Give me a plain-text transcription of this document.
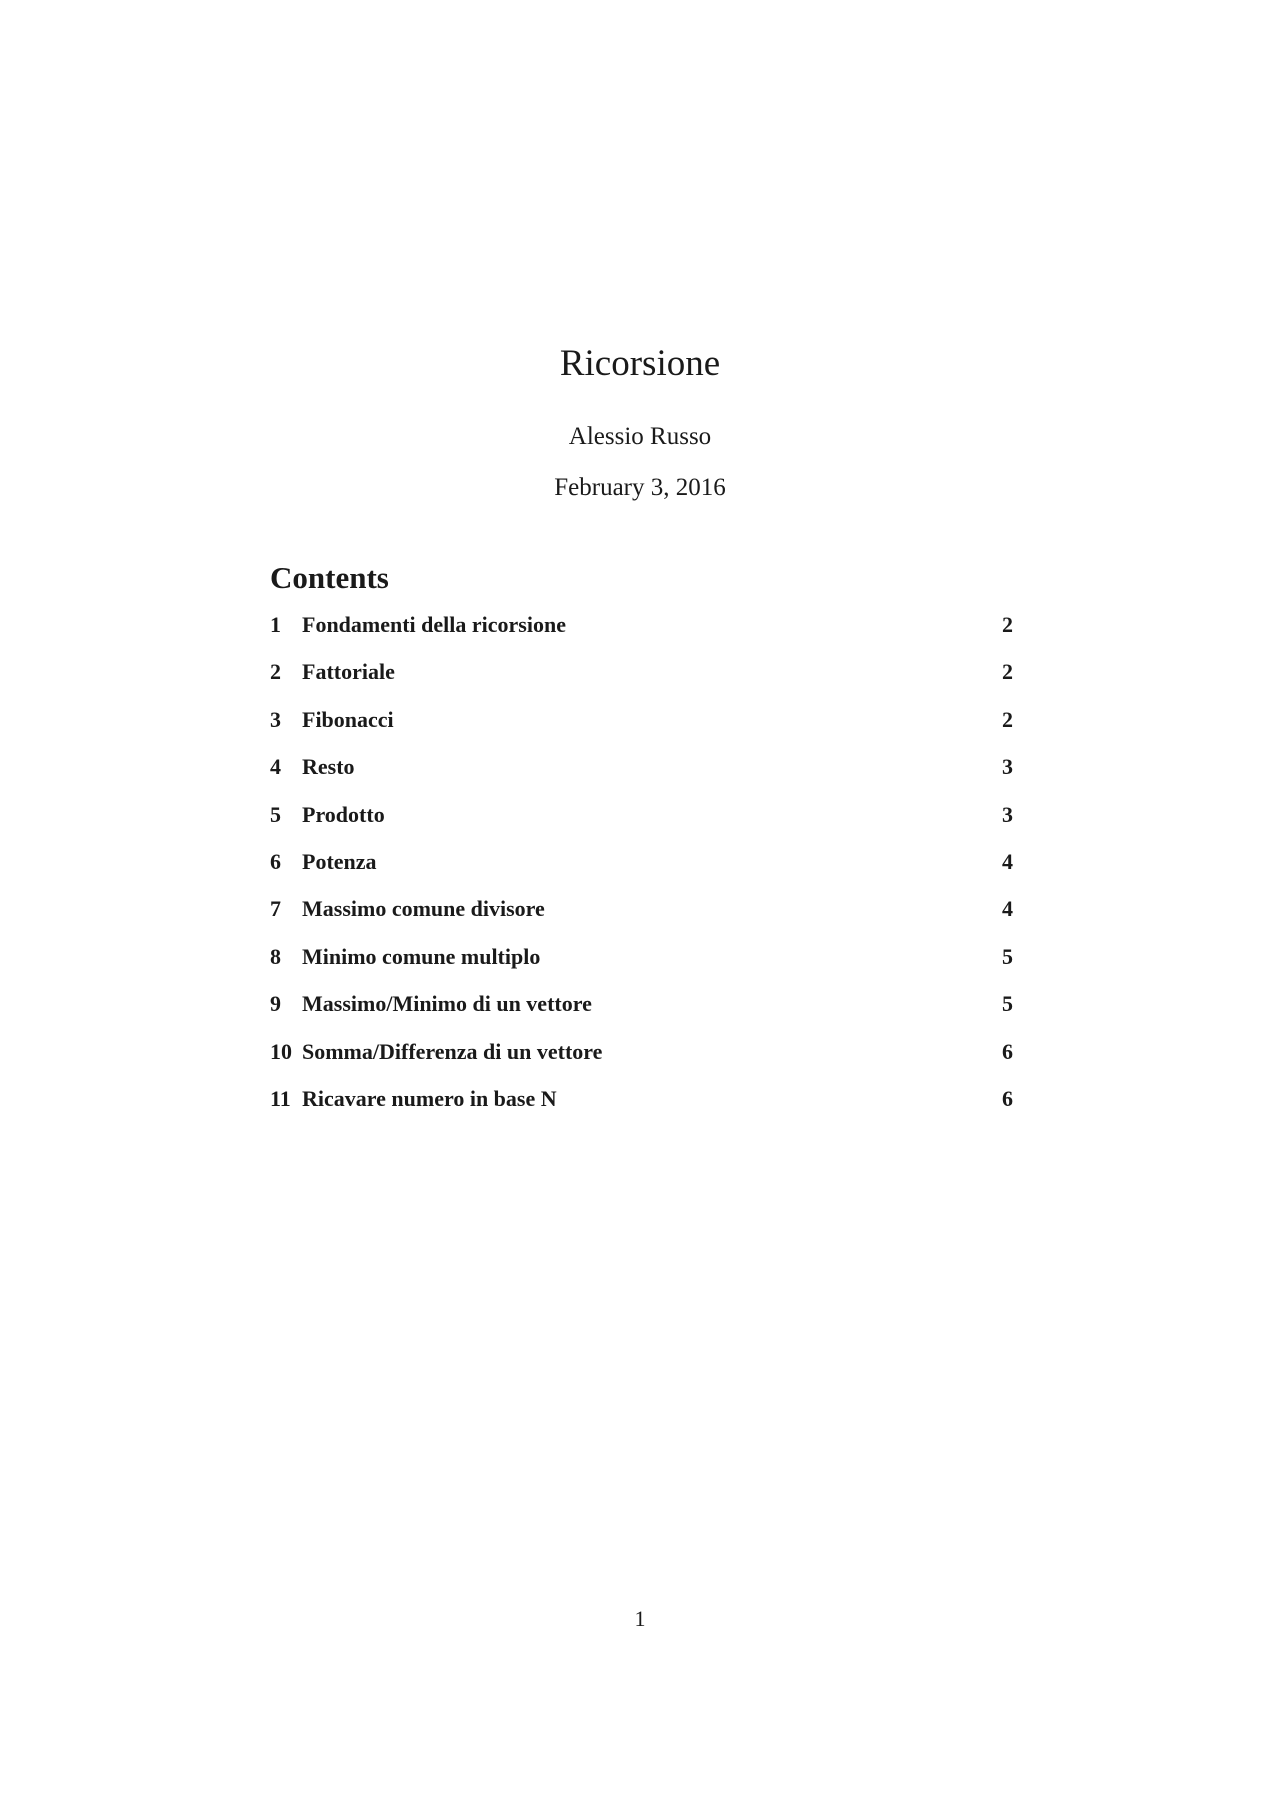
Ricorsione
Alessio Russo
February 3, 2016
Contents
1 Fondamenti della ricorsione	2
2 Fattoriale	2
3 Fibonacci	2
4 Resto	3
5 Prodotto	3
6 Potenza	4
7 Massimo comune divisore	4
8 Minimo comune multiplo	5
9 Massimo/Minimo di un vettore	5
10 Somma/Differenza di un vettore	6
11 Ricavare numero in base N	6
1
